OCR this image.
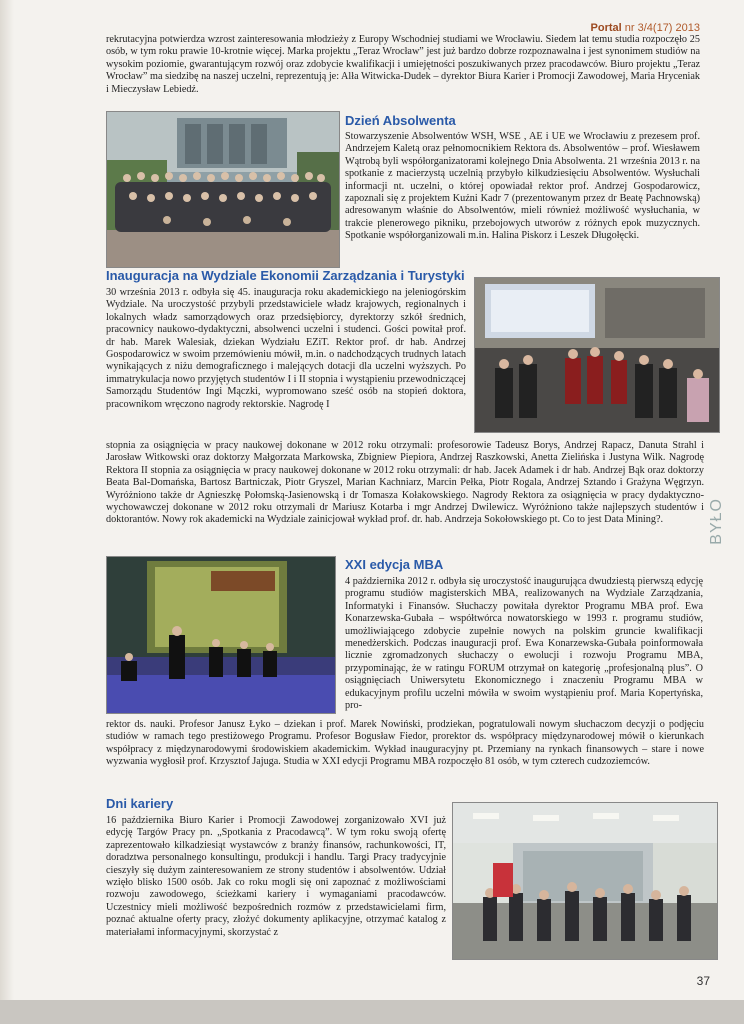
Portal nr 3/4(17) 2013

rekrutacyjna potwierdza wzrost zainteresowania młodzieży z Europy Wschodniej studiami we Wrocławiu. Siedem lat temu studia rozpoczęło 25 osób, w tym roku prawie 10-krotnie więcej. Marka projektu „Teraz Wrocław” jest już bardzo dobrze rozpoznawalna i jest synonimem studiów na wysokim poziomie, gwarantującym rozwój oraz zdobycie kwalifikacji i umiejętności poszukiwanych przez pracodawców. Biuro projektu „Teraz Wrocław” ma siedzibę na naszej uczelni, reprezentują je: Alła Witwicka-Dudek – dyrektor Biura Karier i Promocji Zawodowej, Maria Hryceniak i Mieczysław Lebiedź.

Dzień Absolwenta

Stowarzyszenie Absolwentów WSH, WSE , AE i UE we Wrocławiu z prezesem prof. Andrzejem Kaletą oraz pełnomocnikiem Rektora ds. Absolwentów – prof. Wiesławem Wątrobą byli współorganizatorami kolejnego Dnia Absolwenta. 21 września 2013 r. na spotkanie z macierzystą uczelnią przybyło kilkudziesięciu Absolwentów. Wysłuchali informacji nt. uczelni, o której opowiadał rektor prof. Andrzej Gospodarowicz, zapoznali się z projektem Kuźni Kadr 7 (prezentowanym przez dr Beatę Pachnowską) adresowanym właśnie do Absolwentów, mieli również możliwość wysłuchania, w trakcie plenerowego pikniku, przebojowych utworów z różnych epok muzycznych. Spotkanie współorganizowali m.in. Halina Piskorz i Leszek Długołęcki.

Inauguracja na Wydziale Ekonomii Zarządzania i Turystyki

30 września 2013 r. odbyła się 45. inauguracja roku akademickiego na jeleniogórskim Wydziale. Na uroczystość przybyli przedstawiciele władz krajowych, regionalnych i lokalnych władz samorządowych oraz przedsiębiorcy, dyrektorzy szkół średnich, pracownicy naukowo-dydaktyczni, absolwenci uczelni i studenci. Gości powitał prof. dr hab. Marek Walesiak, dziekan Wydziału EZiT. Rektor prof. dr hab. Andrzej Gospodarowicz w swoim przemówieniu mówił, m.in. o nadchodzących trudnych latach wynikających z niżu demograficznego i malejących dotacji dla uczelni wyższych. Po immatrykulacja nowo przyjętych studentów I i II stopnia i wystąpieniu przewodniczącej Samorządu Studentów Ingi Mączki, wypromowano sześć osób na stopień doktora, pracownikom wręczono nagrody rektorskie. Nagrodę I

stopnia za osiągnięcia w pracy naukowej dokonane w 2012 roku otrzymali: profesorowie Tadeusz Borys, Andrzej Rapacz, Danuta Strahl i Jarosław Witkowski oraz doktorzy Małgorzata Markowska, Zbigniew Piepiora, Andrzej Raszkowski, Anetta Zielińska i Justyna Wilk. Nagrodę Rektora II stopnia za osiągnięcia w pracy naukowej dokonane w 2012 roku otrzymali: dr hab. Jacek Adamek i dr hab. Andrzej Bąk oraz doktorzy Beata Bal-Domańska, Bartosz Bartniczak, Piotr Gryszel, Marian Kachniarz, Marcin Pełka, Piotr Rogala, Andrzej Sztando i Grażyna Węgrzyn. Wyróżniono także dr Agnieszkę Połomską-Jasienowską i dr Tomasza Kołakowskiego. Nagrody Rektora za osiągnięcia w pracy dydaktyczno-wychowawczej dokonane w 2012 roku otrzymali dr Mariusz Kotarba i mgr Andrzej Dwilewicz. Wyróżniono także najlepszych studentów i doktorantów. Nowy rok akademicki na Wydziale zainicjował wykład prof. dr. hab. Andrzeja Sokołowskiego pt. Co to jest Data Mining?.

XXI edycja MBA

4 października 2012 r. odbyła się uroczystość inaugurująca dwudziestą pierwszą edycję programu studiów magisterskich MBA, realizowanych na Wydziale Zarządzania, Informatyki i Finansów. Słuchaczy powitała dyrektor Programu MBA prof. Ewa Konarzewska-Gubała – współtwórca nowatorskiego w 1993 r. programu studiów, umożliwiającego zdobycie zupełnie nowych na polskim gruncie kwalifikacji menedżerskich. Podczas inauguracji prof. Ewa Konarzewska-Gubała poinformowała licznie zgromadzonych słuchaczy o ewolucji i rozwoju Programu MBA, przypominając, że w ratingu FORUM otrzymał on kategorię „profesjonalną plus”. O osiągnięciach Uniwersytetu Ekonomicznego i znaczeniu Programu MBA w edukacyjnym profilu uczelni mówiła w swoim wystąpieniu prof. Maria Kopertyńska, pro-

rektor ds. nauki. Profesor Janusz Łyko – dziekan i prof. Marek Nowiński, prodziekan, pogratulowali nowym słuchaczom decyzji o podjęciu studiów w ramach tego prestiżowego Programu. Profesor Bogusław Fiedor, prorektor ds. współpracy międzynarodowej mówił o kierunkach współpracy z międzynarodowymi środowiskiem akademickim. Wykład inauguracyjny pt. Przemiany na rynkach finansowych – stare i nowe wyzwania wygłosił prof. Krzysztof Jajuga. Studia w XXI edycji Programu MBA rozpoczęło 81 osób, w tym czterech cudzoziemców.

Dni kariery

16 października Biuro Karier i Promocji Zawodowej zorganizowało XVI już edycję Targów Pracy pn. „Spotkania z Pracodawcą”. W tym roku swoją ofertę zaprezentowało kilkadziesiąt wystawców z branży finansów, rachunkowości, IT, doradztwa personalnego konsultingu, produkcji i handlu. Targi Pracy tradycyjnie cieszyły się dużym zainteresowaniem ze strony studentów i absolwentów. Udział wzięło blisko 1500 osób. Jak co roku mogli się oni zapoznać z możliwościami rozwoju zawodowego, ścieżkami kariery i wymaganiami pracodawców. Uczestnicy mieli możliwość bezpośrednich rozmów z przedstawicielami firm, poznać aktualne oferty pracy, złożyć dokumenty aplikacyjne, otrzymać katalog z materiałami informacyjnymi, skorzystać z

BYŁO
37
